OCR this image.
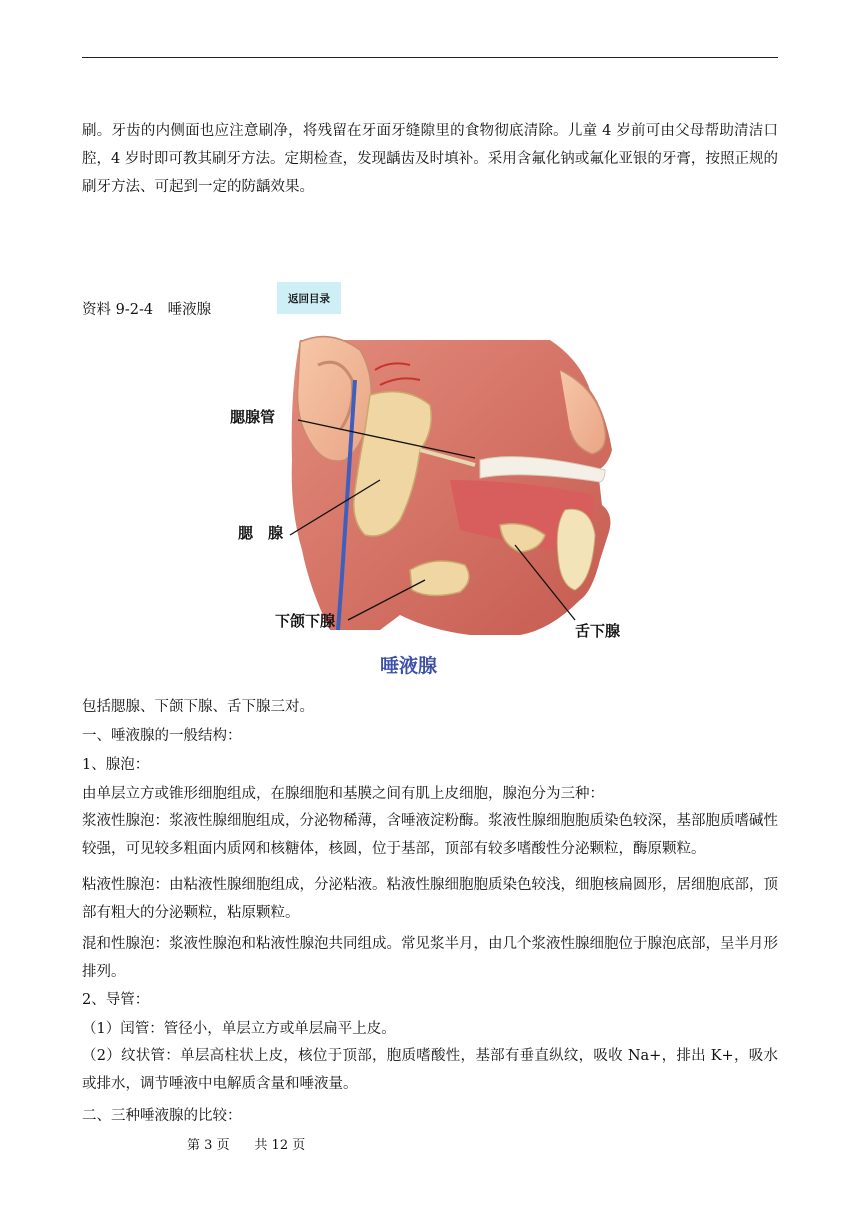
刷。牙齿的内侧面也应注意刷净，将残留在牙面牙缝隙里的食物彻底清除。儿童 4 岁前可由父母帮助清洁口腔，4 岁时即可教其刷牙方法。定期检查，发现龋齿及时填补。采用含氟化钠或氟化亚银的牙膏，按照正规的刷牙方法、可起到一定的防龋效果。

资料 9-2-4　唾液腺
返回目录
腮腺管
腮　腺
下颌下腺
舌下腺
唾液腺
包括腮腺、下颌下腺、舌下腺三对。
一、唾液腺的一般结构：
1、腺泡：
由单层立方或锥形细胞组成，在腺细胞和基膜之间有肌上皮细胞，腺泡分为三种：

浆液性腺泡：浆液性腺细胞组成，分泌物稀薄，含唾液淀粉酶。浆液性腺细胞胞质染色较深，基部胞质嗜碱性较强，可见较多粗面内质网和核糖体，核圆，位于基部，顶部有较多嗜酸性分泌颗粒，酶原颗粒。

粘液性腺泡：由粘液性腺细胞组成，分泌粘液。粘液性腺细胞胞质染色较浅，细胞核扁圆形，居细胞底部，顶部有粗大的分泌颗粒，粘原颗粒。

混和性腺泡：浆液性腺泡和粘液性腺泡共同组成。常见浆半月，由几个浆液性腺细胞位于腺泡底部，呈半月形排列。

2、导管：
（1）闰管：管径小，单层立方或单层扁平上皮。

（2）纹状管：单层高柱状上皮，核位于顶部，胞质嗜酸性，基部有垂直纵纹，吸收 Na+，排出 K+，吸水或排水，调节唾液中电解质含量和唾液量。

二、三种唾液腺的比较：
第 3 页 共 12 页
